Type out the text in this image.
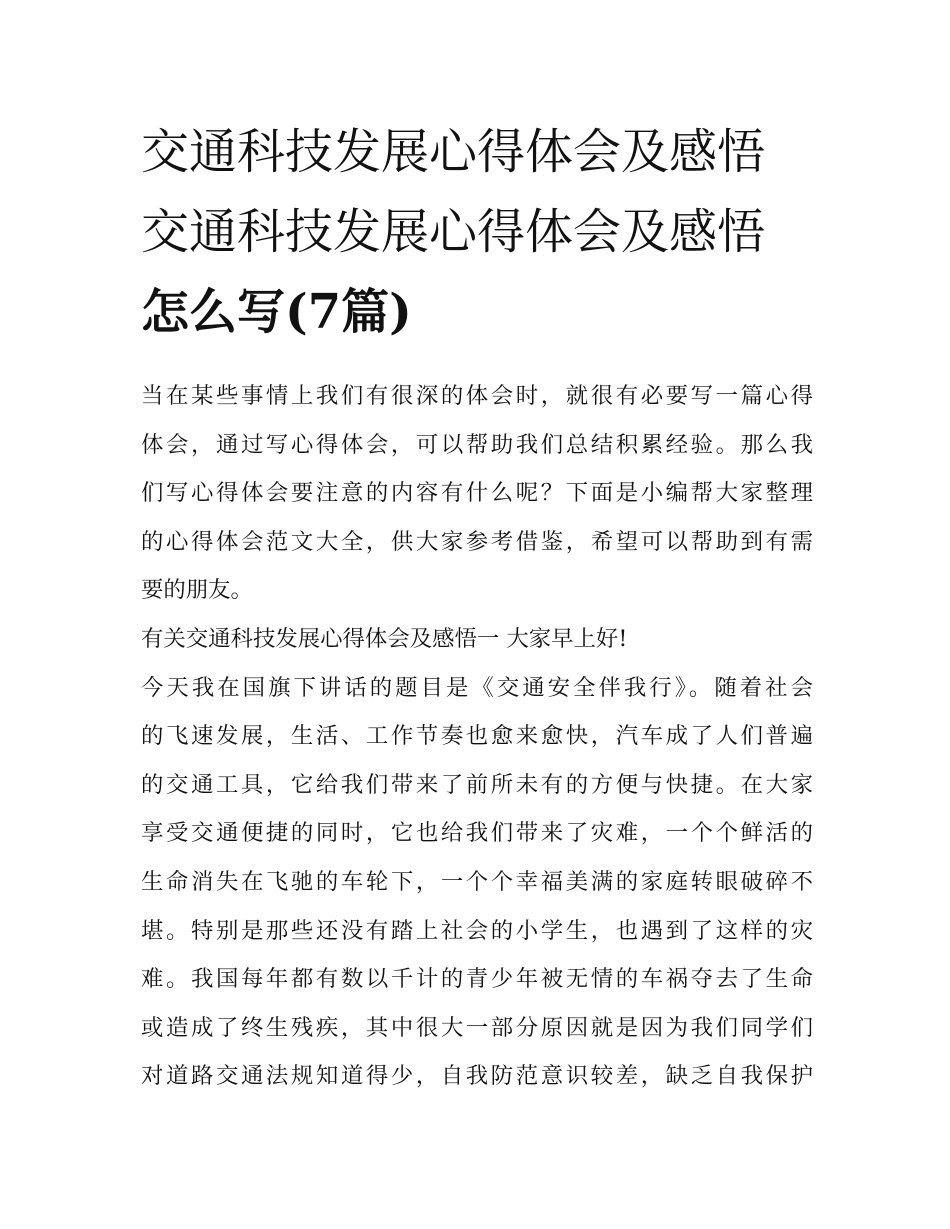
交通科技发展心得体会及感悟
交通科技发展心得体会及感悟
怎么写(7篇)

当在某些事情上我们有很深的体会时，就很有必要写一篇心得
体会，通过写心得体会，可以帮助我们总结积累经验。那么我
们写心得体会要注意的内容有什么呢？下面是小编帮大家整理
的心得体会范文大全，供大家参考借鉴，希望可以帮助到有需
要的朋友。

有关交通科技发展心得体会及感悟一 大家早上好!

今天我在国旗下讲话的题目是《交通安全伴我行》。随着社会
的飞速发展，生活、工作节奏也愈来愈快，汽车成了人们普遍
的交通工具，它给我们带来了前所未有的方便与快捷。在大家
享受交通便捷的同时，它也给我们带来了灾难，一个个鲜活的
生命消失在飞驰的车轮下，一个个幸福美满的家庭转眼破碎不
堪。特别是那些还没有踏上社会的小学生，也遇到了这样的灾
难。我国每年都有数以千计的青少年被无情的车祸夺去了生命
或造成了终生残疾，其中很大一部分原因就是因为我们同学们
对道路交通法规知道得少，自我防范意识较差，缺乏自我保护
